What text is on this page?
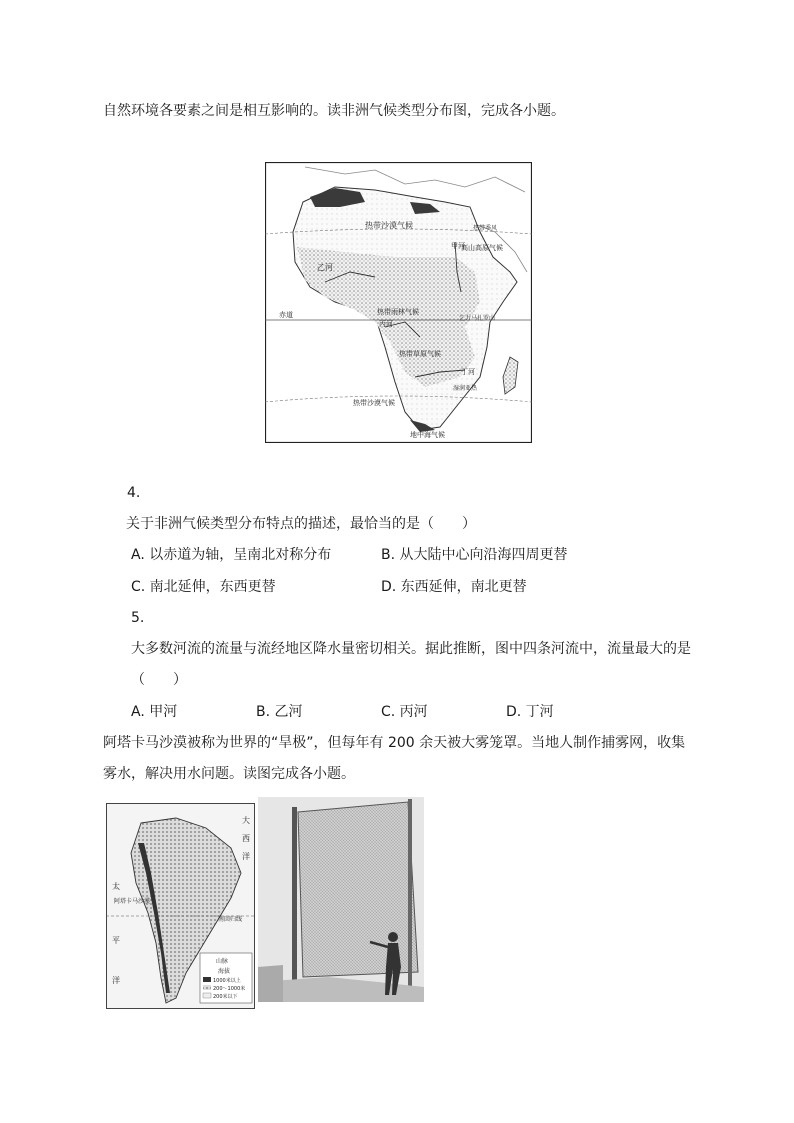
自然环境各要素之间是相互影响的。读非洲气候类型分布图，完成各小题。
热带沙漠气候
甲河
乙河
高山高原气候
赤道	热带雨林气候
丙河
乞力马扎罗山
热带草原气候
丁河
湿润亚热
热带沙漠气候
地中海气候
热带季风
4.
关于非洲气候类型分布特点的描述，最恰当的是（　　）
A. 以赤道为轴，呈南北对称分布	B. 从大陆中心向沿海四周更替
C. 南北延伸，东西更替	D. 东西延伸，南北更替
5.
大多数河流的流量与流经地区降水量密切相关。据此推断，图中四条河流中，流量最大的是
（　　）
A. 甲河	B. 乙河	C. 丙河	D. 丁河
阿塔卡马沙漠被称为世界的“旱极”，但每年有 200 余天被大雾笼罩。当地人制作捕雾网，收集
雾水，解决用水问题。读图完成各小题。
大
西
洋
太
平
洋
阿塔卡马沙漠
南回归线
山脉
海拔
1000米以上
200～1000米
200米以下
